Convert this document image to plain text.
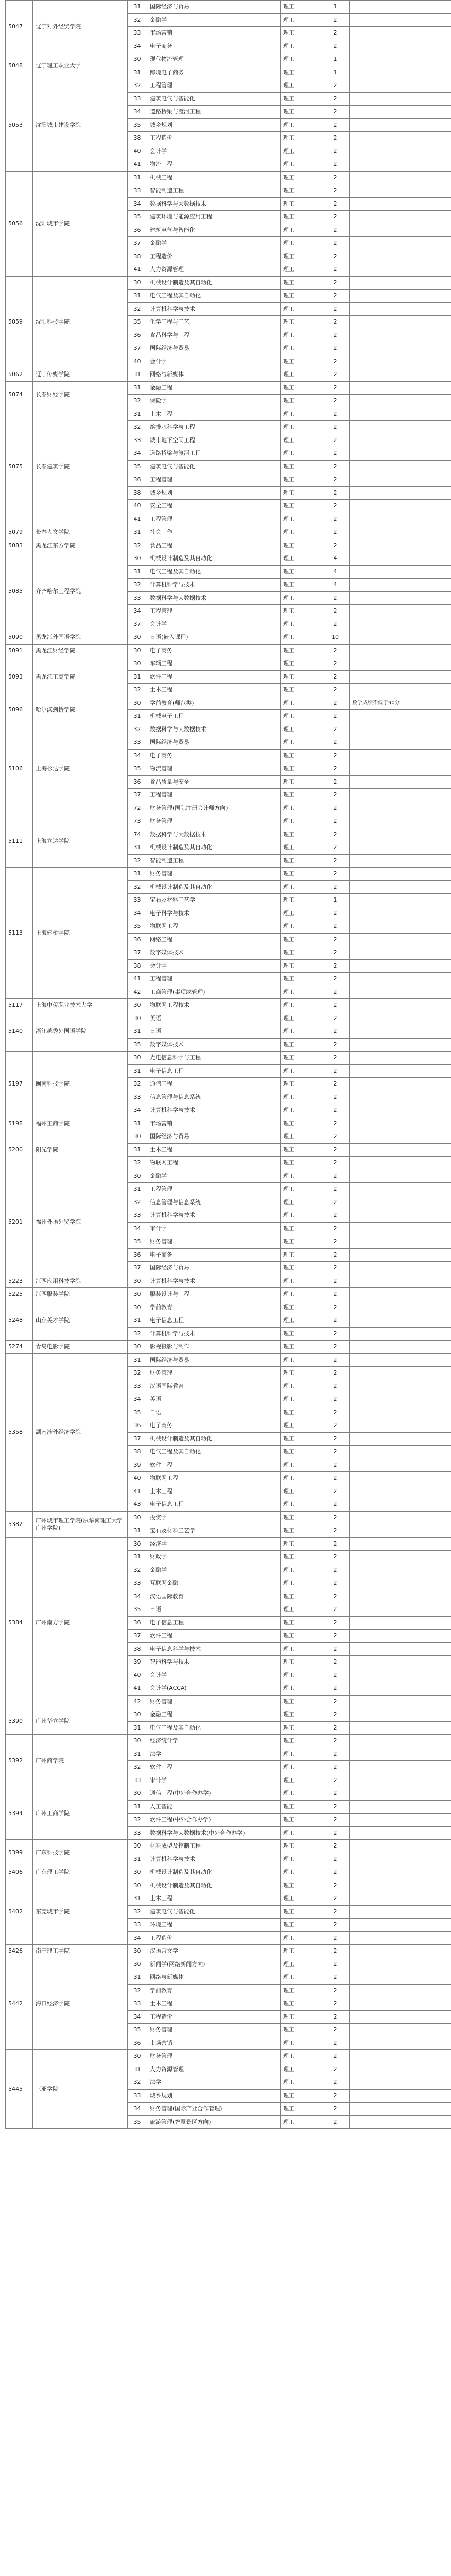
5047	辽宁对外经贸学院	31	国际经济与贸易	理工	1	
		32	金融学	理工	2	
		33	市场营销	理工	2	
		34	电子商务	理工	2	
5048	辽宁理工职业大学	30	现代物流管理	理工	1	
		31	跨境电子商务	理工	1	
5053	沈阳城市建设学院	32	工程管理	理工	2	
		33	建筑电气与智能化	理工	2	
		34	道路桥梁与渡河工程	理工	2	
		35	城乡规划	理工	2	
		38	工程造价	理工	2	
		40	会计学	理工	2	
		41	物流工程	理工	2	
5056	沈阳城市学院	31	机械工程	理工	2	
		33	智能制造工程	理工	2	
		34	数据科学与大数据技术	理工	2	
		35	建筑环境与能源应用工程	理工	2	
		36	建筑电气与智能化	理工	2	
		37	金融学	理工	2	
		38	工程造价	理工	2	
		41	人力资源管理	理工	2	
5059	沈阳科技学院	30	机械设计制造及其自动化	理工	2	
		31	电气工程及其自动化	理工	2	
		32	计算机科学与技术	理工	2	
		35	化学工程与工艺	理工	2	
		36	食品科学与工程	理工	2	
		37	国际经济与贸易	理工	2	
		40	会计学	理工	2	
5062	辽宁传媒学院	31	网络与新媒体	理工	2	
5074	长春财经学院	31	金融工程	理工	2	
		32	保险学	理工	2	
5075	长春建筑学院	31	土木工程	理工	2	
		32	给排水科学与工程	理工	2	
		33	城市地下空间工程	理工	2	
		34	道路桥梁与渡河工程	理工	2	
		35	建筑电气与智能化	理工	2	
		36	工程管理	理工	2	
		38	城乡规划	理工	2	
		40	安全工程	理工	2	
		41	工程管理	理工	2	
5079	长春人文学院	31	社会工作	理工	2	
5083	黑龙江东方学院	32	食品工程	理工	2	
5085	齐齐哈尔工程学院	30	机械设计制造及其自动化	理工	4	
		31	电气工程及其自动化	理工	4	
		32	计算机科学与技术	理工	4	
		33	数据科学与大数据技术	理工	2	
		34	工程管理	理工	2	
		37	会计学	理工	2	
5090	黑龙江外国语学院	30	日语(嵌入课程)	理工	10	
5091	黑龙江财经学院	30	电子商务	理工	2	
5093	黑龙江工商学院	30	车辆工程	理工	2	
		31	软件工程	理工	2	
		32	土木工程	理工	2	
5096	哈尔滨剑桥学院	30	学前教育(师范类)	理工	2	数学成绩不低于90分
		31	机械电子工程	理工	2	
5106	上海杉达学院	32	数据科学与大数据技术	理工	2	
		33	国际经济与贸易	理工	2	
		34	电子商务	理工	2	
		35	物流管理	理工	2	
		36	食品质量与安全	理工	2	
		37	工程管理	理工	2	
		72	财务管理(国际注册会计师方向)	理工	2	
5111	上海立达学院	73	财务管理	理工	2	
		74	数据科学与大数据技术	理工	2	
		31	机械设计制造及其自动化	理工	2	
		32	智能制造工程	理工	2	
5113	上海建桥学院	31	财务管理	理工	2	
		32	机械设计制造及其自动化	理工	2	
		33	宝石及材料工艺学	理工	1	
		34	电子科学与技术	理工	2	
		35	物联网工程	理工	2	
		36	网络工程	理工	2	
		37	数字媒体技术	理工	2	
		38	会计学	理工	2	
		41	工程管理	理工	2	
		42	工商管理(事项或管理)	理工	2	
5117	上海中侨职业技术大学	30	物联网工程技术	理工	2	
5140	浙江越秀外国语学院	30	英语	理工	2	
		31	日语	理工	2	
		35	数字媒体技术	理工	2	
5197	闽南科技学院	30	光电信息科学与工程	理工	2	
		31	电子信息工程	理工	2	
		32	通信工程	理工	2	
		33	信息管理与信息系统	理工	2	
		34	计算机科学与技术	理工	2	
5198	福州工商学院	31	市场营销	理工	2	
5200	阳光学院	30	国际经济与贸易	理工	2	
		31	土木工程	理工	2	
		32	物联网工程	理工	2	
5201	福州外语外贸学院	30	金融学	理工	2	
		31	工程管理	理工	2	
		32	信息管理与信息系统	理工	2	
		33	计算机科学与技术	理工	2	
		34	审计学	理工	2	
		35	财务管理	理工	2	
		36	电子商务	理工	2	
		37	国际经济与贸易	理工	2	
5223	江西应用科技学院	30	计算机科学与技术	理工	2	
5225	江西服装学院	30	服装设计与工程	理工	2	
5248	山东英才学院	30	学前教育	理工	2	
		31	电子信息工程	理工	2	
		32	计算机科学与技术	理工	2	
5274	青岛电影学院	30	影视摄影与制作	理工	2	
5358	湖南涉外经济学院	31	国际经济与贸易	理工	2	
		32	财务管理	理工	2	
		33	汉语国际教育	理工	2	
		34	英语	理工	2	
		35	日语	理工	2	
		36	电子商务	理工	2	
		37	机械设计制造及其自动化	理工	2	
		38	电气工程及其自动化	理工	2	
		39	软件工程	理工	2	
		40	物联网工程	理工	2	
		41	土木工程	理工	2	
		43	电子信息工程	理工	2	
5382	广州城市理工学院(原华南理工大学广州学院)	30	投资学	理工	2	
		31	宝石及材料工艺学	理工	2	
5384	广州南方学院	30	经济学	理工	2	
		31	财政学	理工	2	
		32	金融学	理工	2	
		33	互联网金融	理工	2	
		34	汉语国际教育	理工	2	
		35	日语	理工	2	
		36	电子信息工程	理工	2	
		37	软件工程	理工	2	
		38	电子信息科学与技术	理工	2	
		39	智能科学与技术	理工	2	
		40	会计学	理工	2	
		41	会计学(ACCA)	理工	2	
		42	财务管理	理工	2	
5390	广州华立学院	30	金融工程	理工	2	
		31	电气工程及其自动化	理工	2	
5392	广州商学院	30	经济统计学	理工	2	
		31	法学	理工	2	
		32	软件工程	理工	2	
		33	审计学	理工	2	
5394	广州工商学院	30	通信工程(中外合作办学)	理工	2	
		31	人工智能	理工	2	
		32	软件工程(中外合作办学)	理工	2	
		33	数据科学与大数据技术(中外合作办学)	理工	2	
5399	广东科技学院	30	材料成型及控制工程	理工	2	
		31	计算机科学与技术	理工	2	
5406	广东理工学院	30	机械设计制造及其自动化	理工	2	
5402	东莞城市学院	30	机械设计制造及其自动化	理工	2	
		31	土木工程	理工	2	
		32	建筑电气与智能化	理工	2	
		33	环境工程	理工	2	
		34	工程造价	理工	2	
5426	南宁理工学院	30	汉语言文学	理工	2	
5442	海口经济学院	30	新闻学(网络新闻方向)	理工	2	
		31	网络与新媒体	理工	2	
		32	学前教育	理工	2	
		33	土木工程	理工	2	
		34	工程造价	理工	2	
		35	财务管理	理工	2	
		36	市场营销	理工	2	
5445	三亚学院	30	财务管理	理工	2	
		31	人力资源管理	理工	2	
		32	法学	理工	2	
		33	城乡规划	理工	2	
		34	财务管理(国际产业合作管理)	理工	2	
		35	旅游管理(智慧景区方向)	理工	2	
